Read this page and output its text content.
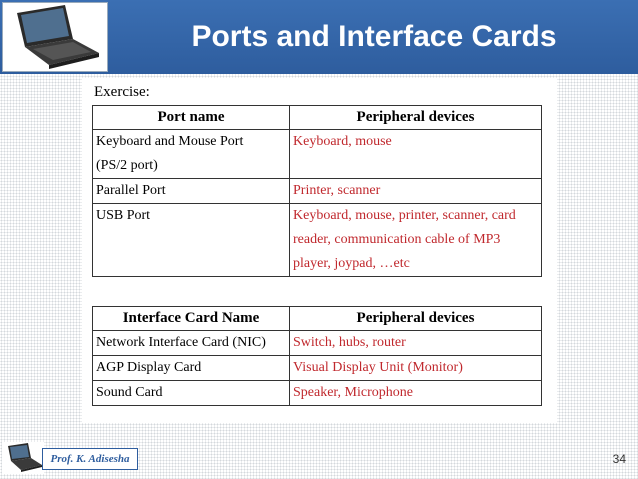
Ports and Interface Cards
Exercise:
Port name	Peripheral devices

Keyboard and Mouse Port
(PS/2 port)	Keyboard, mouse

Parallel Port	Printer, scanner

USB Port	Keyboard, mouse, printer, scanner, card
reader, communication cable of MP3
player, joypad, …etc
Interface Card Name	Peripheral devices
Network Interface Card (NIC)	Switch, hubs, router
AGP Display Card	Visual Display Unit (Monitor)
Sound Card	Speaker, Microphone
Prof. K. Adisesha	34
